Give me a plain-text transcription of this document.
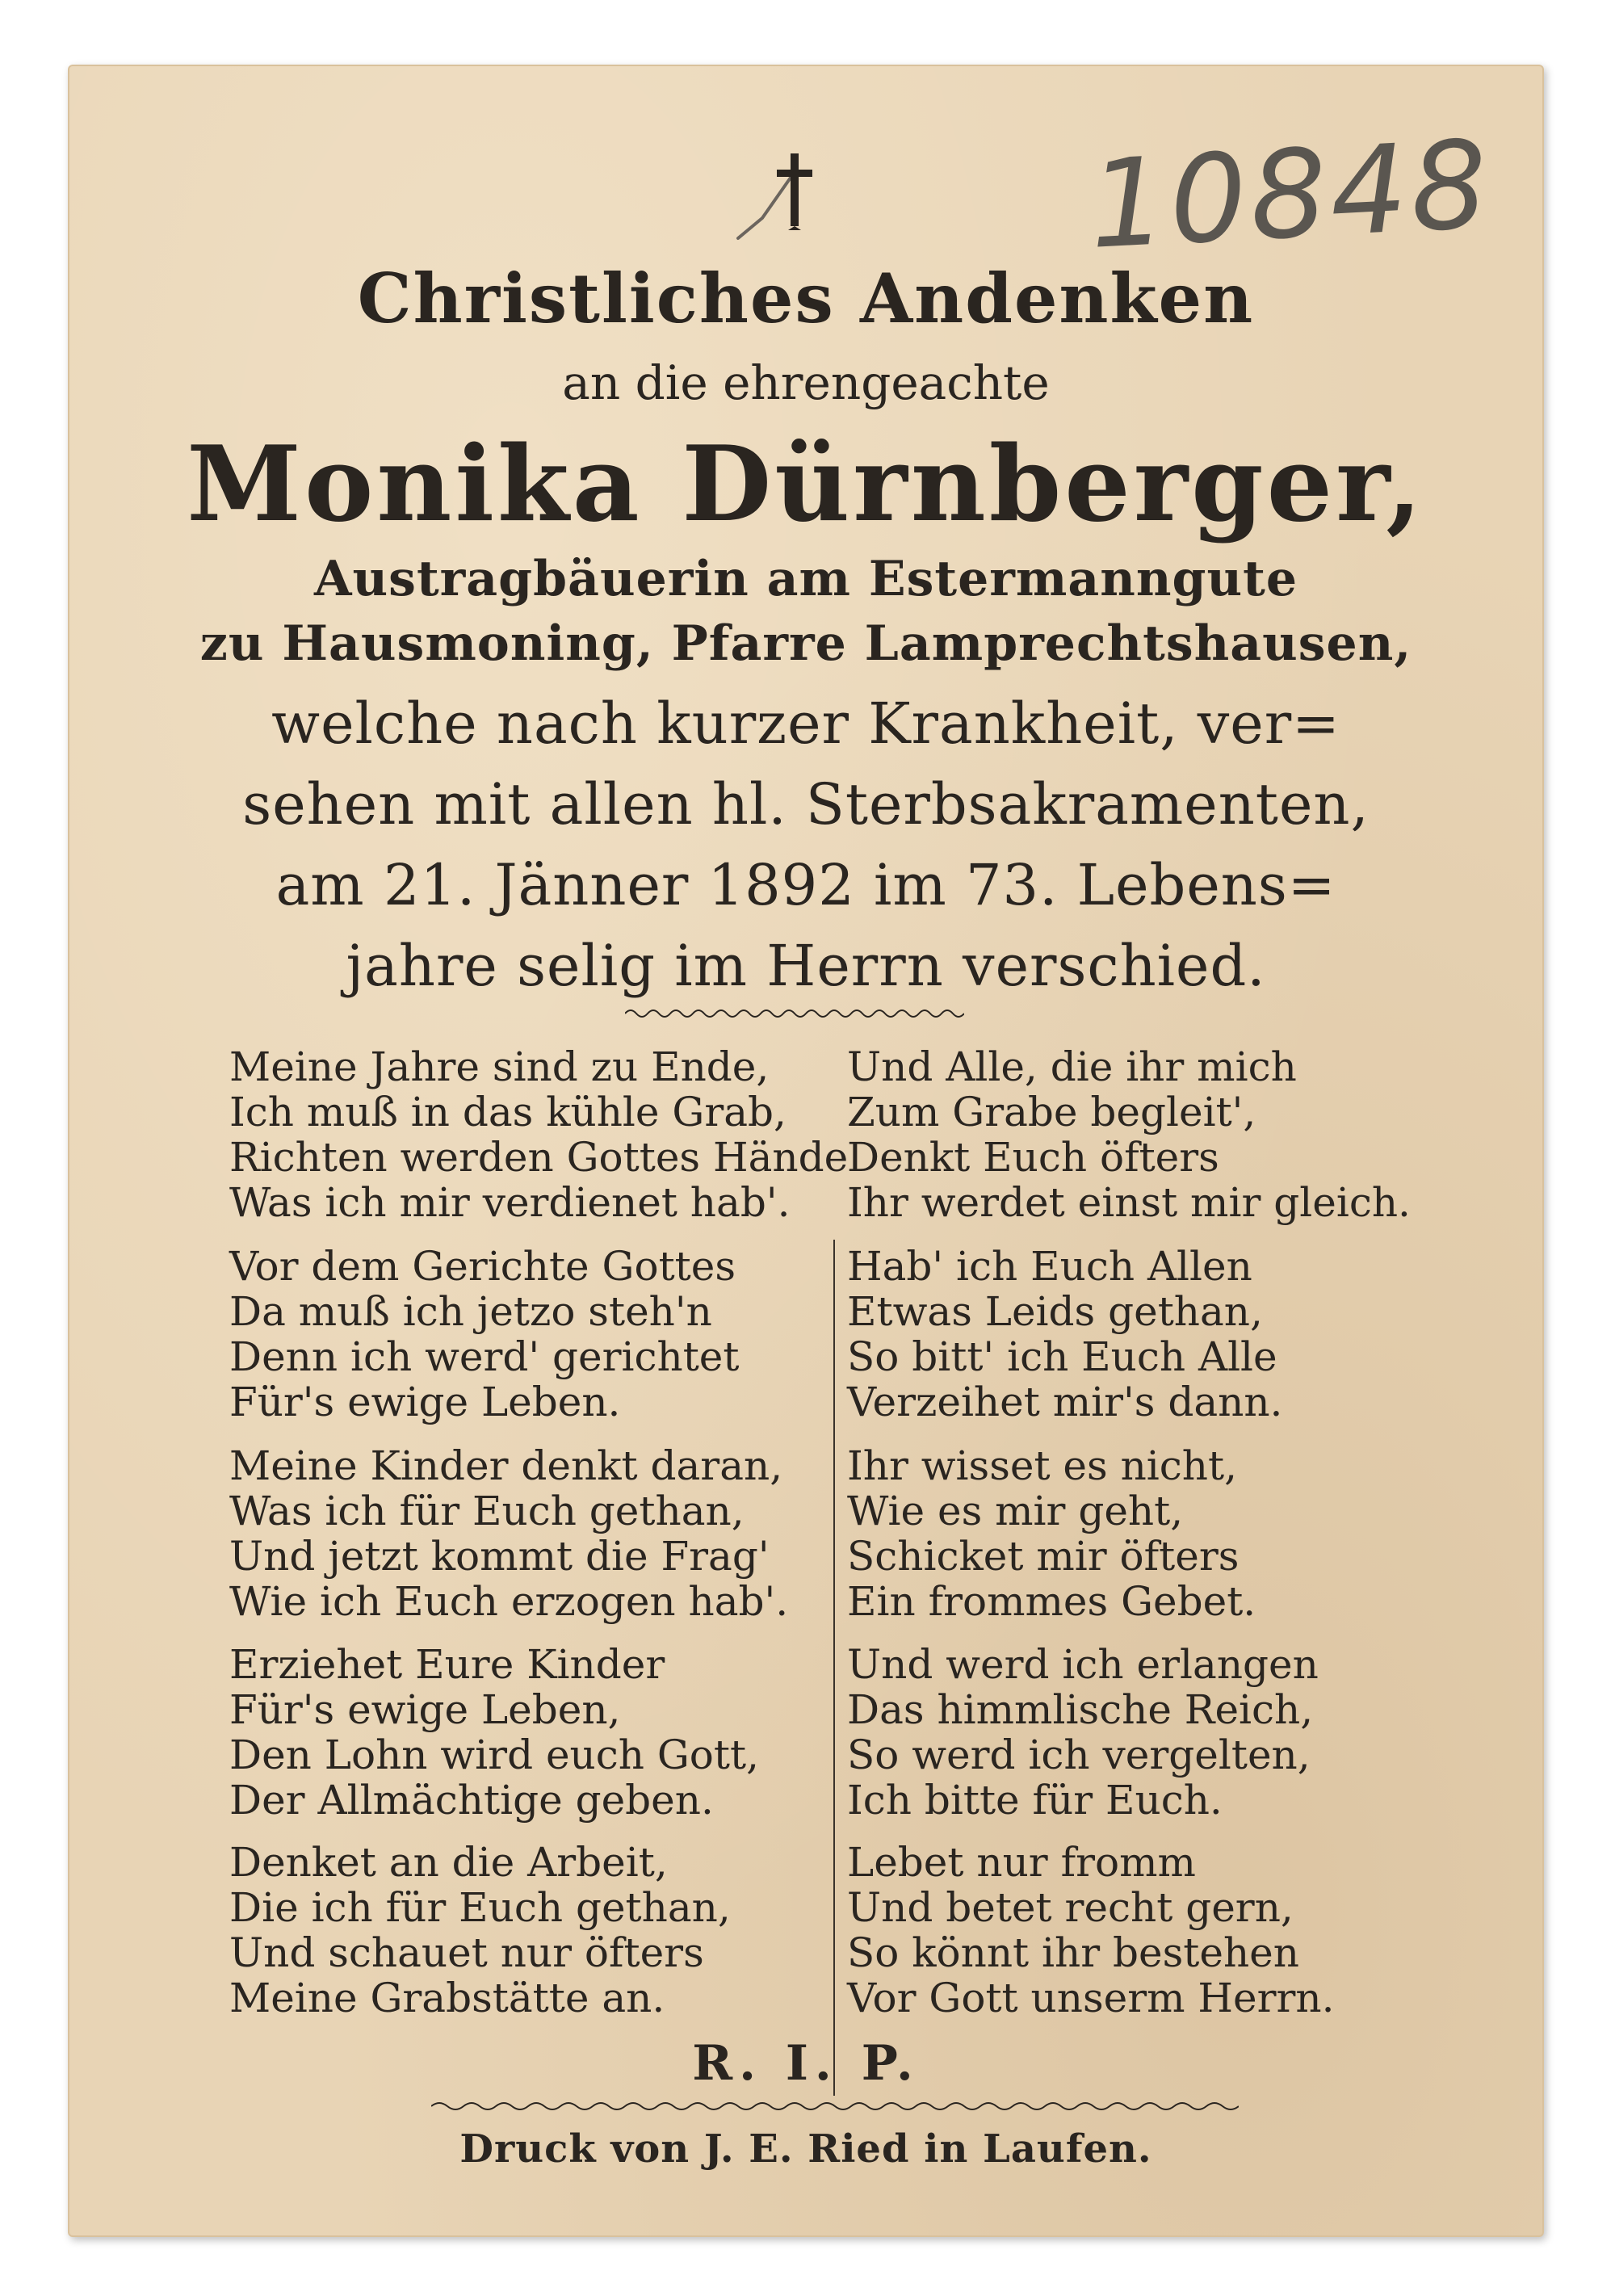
10848
Christliches Andenken

an die ehrengeachte

Monika Dürnberger,

Austragbäuerin am Estermanngute

zu Hausmoning, Pfarre Lamprechtshausen,

welche nach kurzer Krankheit, ver=

sehen mit allen hl. Sterbsakramenten,

am 21. Jänner 1892 im 73. Lebens=

jahre selig im Herrn verschied.

Meine Jahre sind zu Ende,
Ich muß in das kühle Grab,
Richten werden Gottes Hände
Was ich mir verdienet hab'.
Und Alle, die ihr mich
Zum Grabe begleit',
Denkt Euch öfters
Ihr werdet einst mir gleich.
Vor dem Gerichte Gottes
Da muß ich jetzo steh'n
Denn ich werd' gerichtet
Für's ewige Leben.
Hab' ich Euch Allen
Etwas Leids gethan,
So bitt' ich Euch Alle
Verzeihet mir's dann.
Meine Kinder denkt daran,
Was ich für Euch gethan,
Und jetzt kommt die Frag'
Wie ich Euch erzogen hab'.
Ihr wisset es nicht,
Wie es mir geht,
Schicket mir öfters
Ein frommes Gebet.
Erziehet Eure Kinder
Für's ewige Leben,
Den Lohn wird euch Gott,
Der Allmächtige geben.
Und werd ich erlangen
Das himmlische Reich,
So werd ich vergelten,
Ich bitte für Euch.
Denket an die Arbeit,
Die ich für Euch gethan,
Und schauet nur öfters
Meine Grabstätte an.
Lebet nur fromm
Und betet recht gern,
So könnt ihr bestehen
Vor Gott unserm Herrn.

R. I. P.

Druck von J. E. Ried in Laufen.
